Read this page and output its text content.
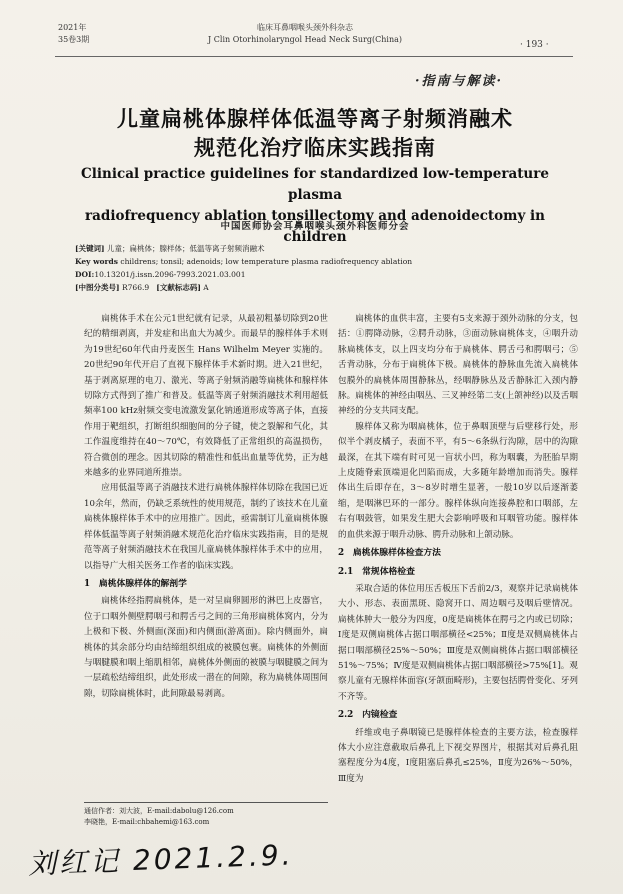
2021年
35卷3期
临床耳鼻咽喉头颈外科杂志
J Clin Otorhinolaryngol Head Neck Surg(China)
· 193 ·
·指南与解读·
儿童扁桃体腺样体低温等离子射频消融术
规范化治疗临床实践指南
Clinical practice guidelines for standardized low-temperature plasma
radiofrequency ablation tonsillectomy and adenoidectomy in children
中国医师协会耳鼻咽喉头颈外科医师分会
[关键词] 儿童；扁桃体；腺样体；低温等离子射频消融术
Key words childrens; tonsil; adenoids; low temperature plasma radiofrequency ablation
DOI:10.13201/j.issn.2096-7993.2021.03.001
[中图分类号] R766.9 [文献标志码] A

扁桃体手术在公元1世纪就有记录，从最初粗暴切除到20世纪的精细剥离，并发症和出血大为减少。而最早的腺样体手术则为19世纪60年代由丹麦医生 Hans Wilhelm Meyer 实施的。20世纪90年代开启了直视下腺样体手术新时期。进入21世纪，基于剥离原理的电刀、激光、等离子射频消融等扁桃体和腺样体切除方式得到了推广和普及。低温等离子射频消融技术利用超低频率100 kHz射频交变电流激发氯化钠通道形成等离子体，直接作用于靶组织，打断组织细胞间的分子键，使之裂解和气化，其工作温度维持在40～70℃，有效降低了正常组织的高温损伤，符合微创的理念。因其切除的精准性和低出血量等优势，正为越来越多的业界同道所推崇。

应用低温等离子消融技术进行扁桃体腺样体切除在我国已近10余年，然而，仍缺乏系统性的使用规范，制约了该技术在儿童扁桃体腺样体手术中的应用推广。因此，亟需制订儿童扁桃体腺样体低温等离子射频消融术规范化治疗临床实践指南，目的是规范等离子射频消融技术在我国儿童扁桃体腺样体手术中的应用，以指导广大相关医务工作者的临床实践。

1　扁桃体腺样体的解剖学

扁桃体经指腭扁桃体，是一对呈扁卵圆形的淋巴上皮器官，位于口咽外侧壁腭咽弓和腭舌弓之间的三角形扁桃体窝内，分为上极和下极、外侧面(深面)和内侧面(游离面)。除内侧面外，扁桃体的其余部分均由结缔组织组成的被膜包裹。扁桃体的外侧面与咽腱膜和咽上缩肌相邻，扁桃体外侧面的被膜与咽腱膜之间为一层疏松结缔组织，此处形成一潜在的间隙，称为扁桃体周围间隙，切除扁桃体时，此间隙最易剥离。

通信作者：刘大波，E-mail:dabolu@126.com
李晓艳，E-mail:chbahemi@163.com

扁桃体的血供丰富，主要有5支来源于颈外动脉的分支，包括：①腭降动脉，②腭升动脉，③面动脉扁桃体支，④咽升动脉扁桃体支，以上四支均分布于扁桃体、腭舌弓和腭咽弓；⑤舌背动脉，分布于扁桃体下极。扁桃体的静脉血先流入扁桃体包膜外的扁桃体周围静脉丛，经咽静脉丛及舌静脉汇入颈内静脉。扁桃体的神经由咽丛、三叉神经第二支(上颌神经)以及舌咽神经的分支共同支配。

腺样体又称为咽扁桃体，位于鼻咽顶壁与后壁移行处，形似半个剥皮橘子，表面不平，有5～6条纵行沟隙，居中的沟隙最深，在其下端有时可见一盲状小凹，称为咽囊，为胚胎早期上皮随脊索顶端退化凹陷而成，大多随年龄增加而消失。腺样体出生后即存在，3～8岁时增生显著，一般10岁以后逐渐萎缩，是咽淋巴环的一部分。腺样体纵向连接鼻腔和口咽部，左右有咽鼓管，如果发生肥大会影响呼吸和耳咽管功能。腺样体的血供来源于咽升动脉、腭升动脉和上颌动脉。

2　扁桃体腺样体检查方法
2.1　常规体格检查

采取合适的体位用压舌板压下舌前2/3，观察并记录扁桃体大小、形态、表面黑斑、隐窝开口、周边咽弓及咽后壁情况。扁桃体肿大一般分为四度，0度是扁桃体在腭弓之内或已切除；Ⅰ度是双侧扁桃体占据口咽部横径<25%；Ⅱ度是双侧扁桃体占据口咽部横径25%～50%；Ⅲ度是双侧扁桃体占据口咽部横径51%～75%；Ⅳ度是双侧扁桃体占据口咽部横径>75%[1]。观察儿童有无腺样体面容(牙颌面畸形)，主要包括腭骨变化、牙列不齐等。

2.2　内镜检查

纤维或电子鼻咽镜已是腺样体检查的主要方法，检查腺样体大小应注意截取后鼻孔上下视交界图片，根据其对后鼻孔阻塞程度分为4度，Ⅰ度阻塞后鼻孔≤25%，Ⅱ度为26%～50%，Ⅲ度为

刘红记 2021.2.9.
